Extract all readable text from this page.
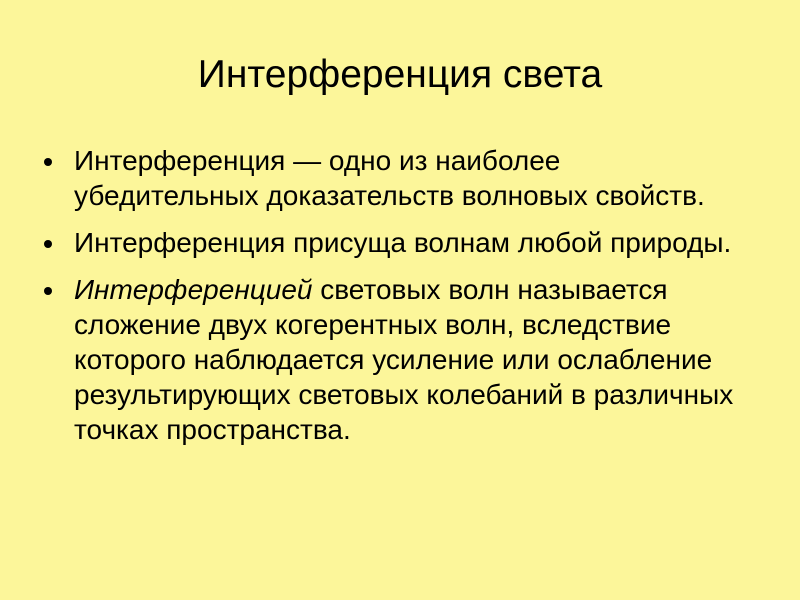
Интерференция света
Интерференция — одно из наиболее убедительных доказательств волновых свойств.
Интерференция присуща волнам любой природы.
Интерференцией световых волн называется сложение двух когерентных волн, вследствие которого наблюдается усиление или ослабление результирующих световых колебаний в различных точках пространства.
